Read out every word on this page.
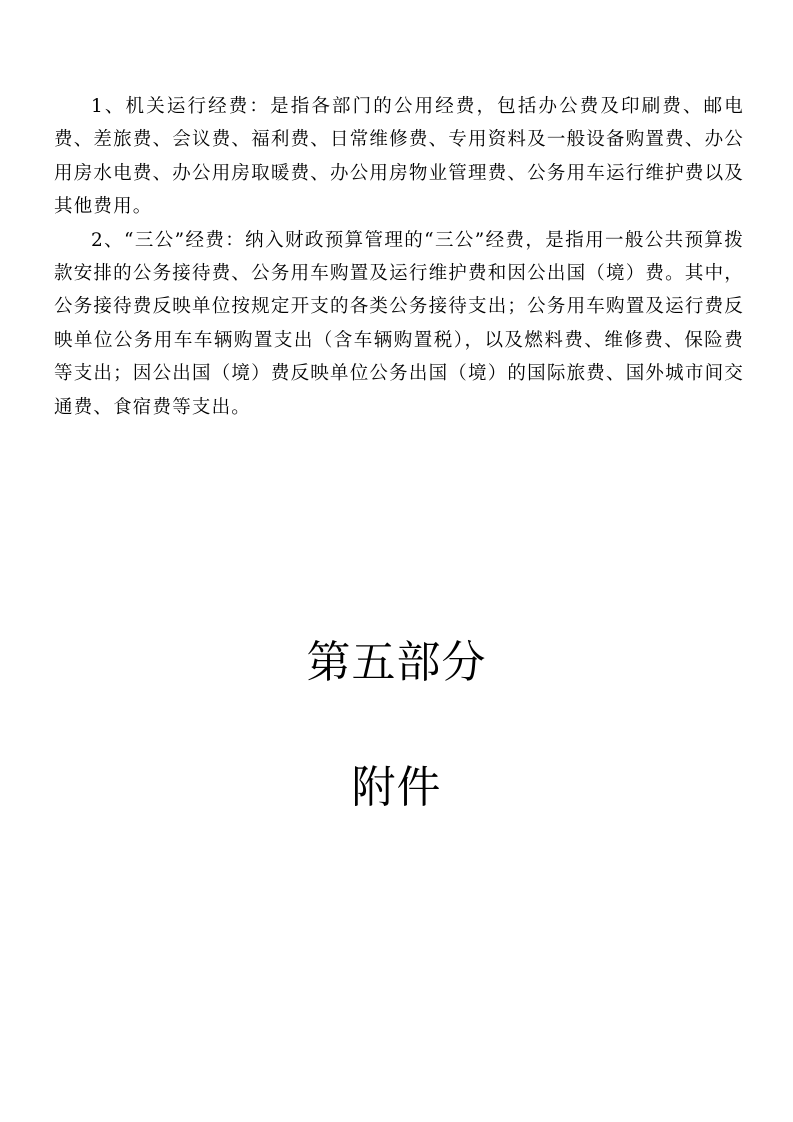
1、机关运行经费：是指各部门的公用经费，包括办公费及印刷费、邮电费、差旅费、会议费、福利费、日常维修费、专用资料及一般设备购置费、办公用房水电费、办公用房取暖费、办公用房物业管理费、公务用车运行维护费以及其他费用。

2、“三公”经费：纳入财政预算管理的“三公”经费，是指用一般公共预算拨款安排的公务接待费、公务用车购置及运行维护费和因公出国（境）费。其中，公务接待费反映单位按规定开支的各类公务接待支出；公务用车购置及运行费反映单位公务用车车辆购置支出（含车辆购置税），以及燃料费、维修费、保险费等支出；因公出国（境）费反映单位公务出国（境）的国际旅费、国外城市间交通费、食宿费等支出。

第五部分
附件
